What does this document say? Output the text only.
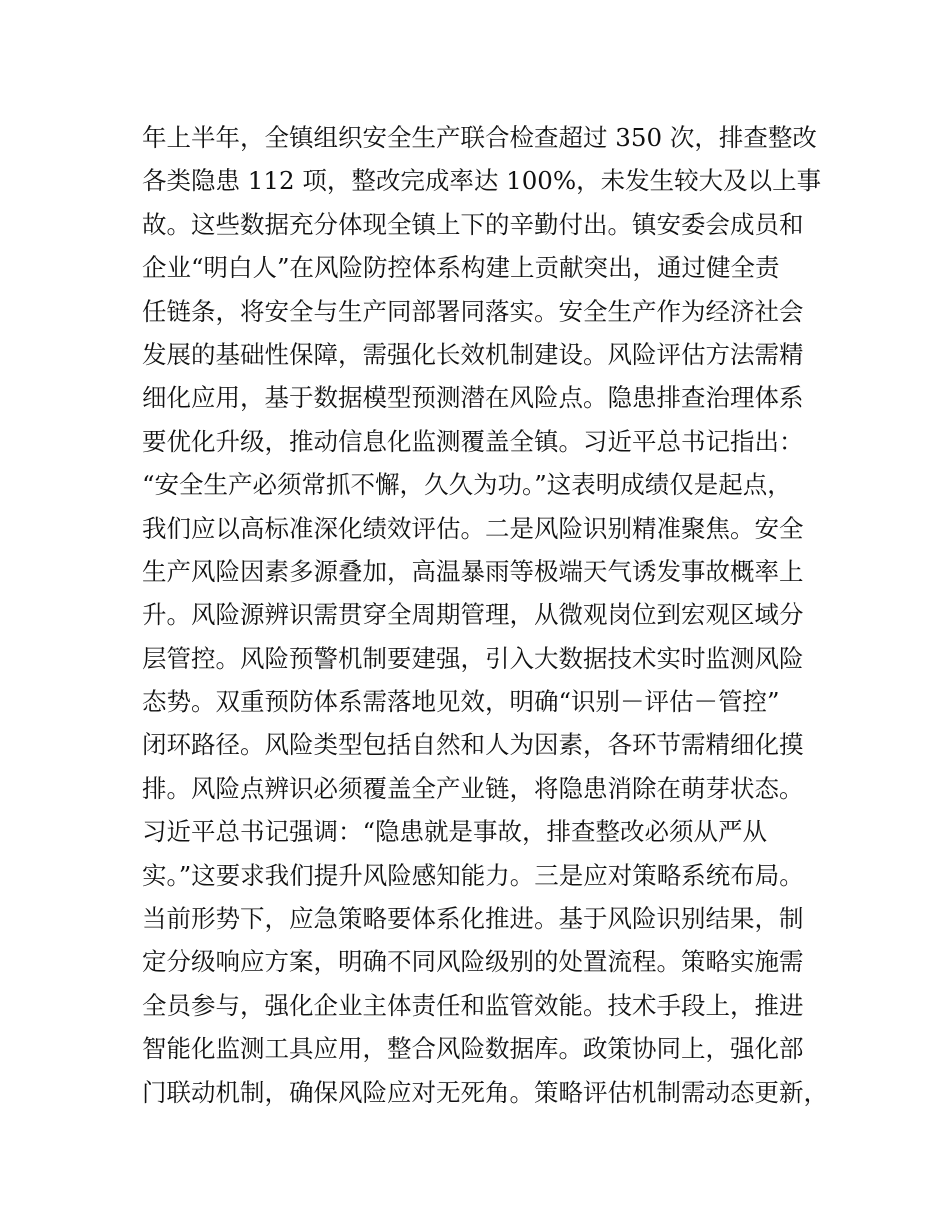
年上半年，全镇组织安全生产联合检查超过 350 次，排查整改
各类隐患 112 项，整改完成率达 100%，未发生较大及以上事
故。这些数据充分体现全镇上下的辛勤付出。镇安委会成员和
企业“明白人”在风险防控体系构建上贡献突出，通过健全责
任链条，将安全与生产同部署同落实。安全生产作为经济社会
发展的基础性保障，需强化长效机制建设。风险评估方法需精
细化应用，基于数据模型预测潜在风险点。隐患排查治理体系
要优化升级，推动信息化监测覆盖全镇。习近平总书记指出：
“安全生产必须常抓不懈，久久为功。”这表明成绩仅是起点，
我们应以高标准深化绩效评估。二是风险识别精准聚焦。安全
生产风险因素多源叠加，高温暴雨等极端天气诱发事故概率上
升。风险源辨识需贯穿全周期管理，从微观岗位到宏观区域分
层管控。风险预警机制要建强，引入大数据技术实时监测风险
态势。双重预防体系需落地见效，明确“识别－评估－管控”
闭环路径。风险类型包括自然和人为因素，各环节需精细化摸
排。风险点辨识必须覆盖全产业链，将隐患消除在萌芽状态。
习近平总书记强调：“隐患就是事故，排查整改必须从严从
实。”这要求我们提升风险感知能力。三是应对策略系统布局。
当前形势下，应急策略要体系化推进。基于风险识别结果，制
定分级响应方案，明确不同风险级别的处置流程。策略实施需
全员参与，强化企业主体责任和监管效能。技术手段上，推进
智能化监测工具应用，整合风险数据库。政策协同上，强化部
门联动机制，确保风险应对无死角。策略评估机制需动态更新，
